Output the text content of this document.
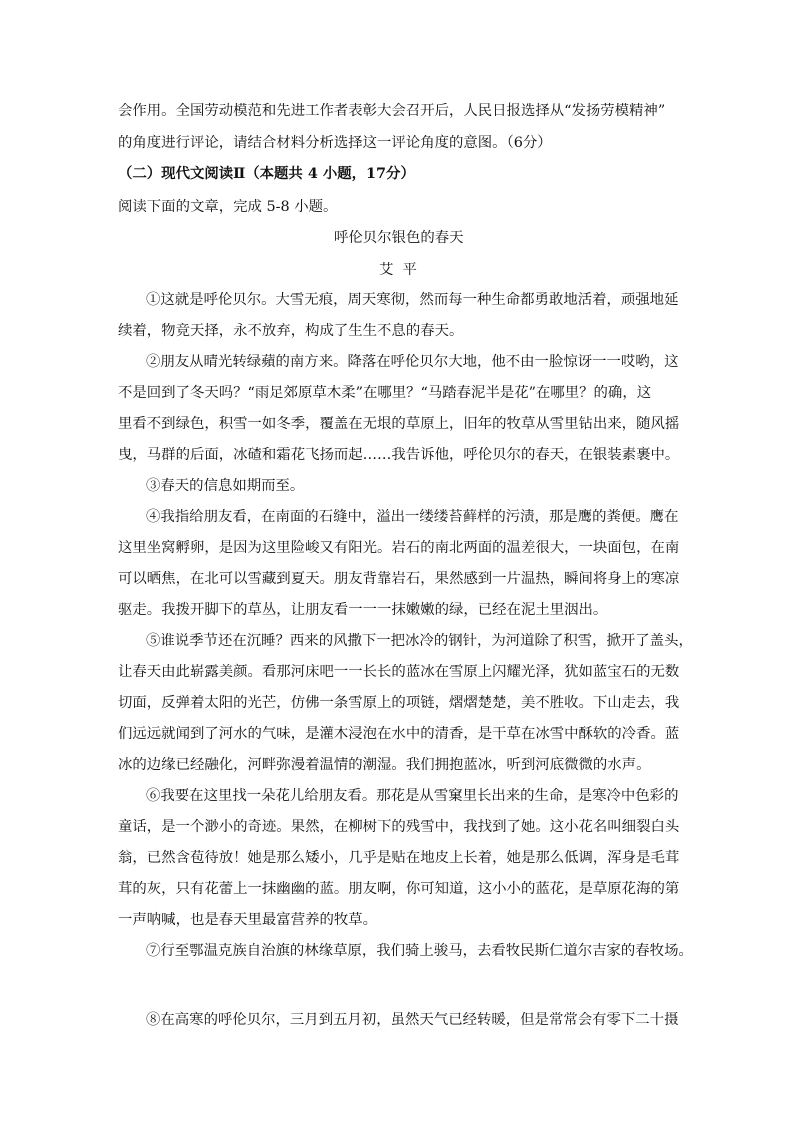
会作用。全国劳动模范和先进工作者表彰大会召开后，人民日报选择从“发扬劳模精神”

的角度进行评论，请结合材料分析选择这一评论角度的意图。（6分）

（二）现代文阅读Ⅱ（本题共 4 小题，17分）

阅读下面的文章，完成 5-8 小题。

呼伦贝尔银色的春天

艾  平

①这就是呼伦贝尔。大雪无痕，周天寒彻，然而每一种生命都勇敢地活着，顽强地延

续着，物竞天择，永不放弃，构成了生生不息的春天。

②朋友从晴光转绿蘋的南方来。降落在呼伦贝尔大地，他不由一脸惊讶一一哎哟，这

不是回到了冬天吗？“雨足郊原草木柔”在哪里？“马踏春泥半是花”在哪里？的确，这

里看不到绿色，积雪一如冬季，覆盖在无垠的草原上，旧年的牧草从雪里钻出来，随风摇

曳，马群的后面，冰碴和霜花飞扬而起……我告诉他，呼伦贝尔的春天，在银装素裹中。

③春天的信息如期而至。

④我指给朋友看，在南面的石缝中，溢出一缕缕苔藓样的污渍，那是鹰的粪便。鹰在

这里坐窝孵卵，是因为这里险峻又有阳光。岩石的南北两面的温差很大，一块面包，在南

可以晒焦，在北可以雪藏到夏天。朋友背靠岩石，果然感到一片温热，瞬间将身上的寒凉

驱走。我拨开脚下的草丛，让朋友看一一一抹嫩嫩的绿，已经在泥土里洇出。

⑤谁说季节还在沉睡？西来的风撒下一把冰冷的钢针，为河道除了积雪，掀开了盖头，

让春天由此崭露美颜。看那河床吧一一长长的蓝冰在雪原上闪耀光泽，犹如蓝宝石的无数

切面，反弹着太阳的光芒，仿佛一条雪原上的项链，熠熠楚楚，美不胜收。下山走去，我

们远远就闻到了河水的气味，是灌木浸泡在水中的清香，是干草在冰雪中酥软的冷香。蓝

冰的边缘已经融化，河畔弥漫着温情的潮湿。我们拥抱蓝冰，听到河底微微的水声。

⑥我要在这里找一朵花儿给朋友看。那花是从雪窠里长出来的生命，是寒冷中色彩的

童话，是一个渺小的奇迹。果然，在柳树下的残雪中，我找到了她。这小花名叫细裂白头

翁，已然含苞待放！她是那么矮小，几乎是贴在地皮上长着，她是那么低调，浑身是毛茸

茸的灰，只有花蕾上一抹幽幽的蓝。朋友啊，你可知道，这小小的蓝花，是草原花海的第

一声呐喊，也是春天里最富营养的牧草。

⑦行至鄂温克族自治旗的林缘草原，我们骑上骏马，去看牧民斯仁道尔吉家的春牧场。

⑧在高寒的呼伦贝尔，三月到五月初，虽然天气已经转暖，但是常常会有零下二十摄
